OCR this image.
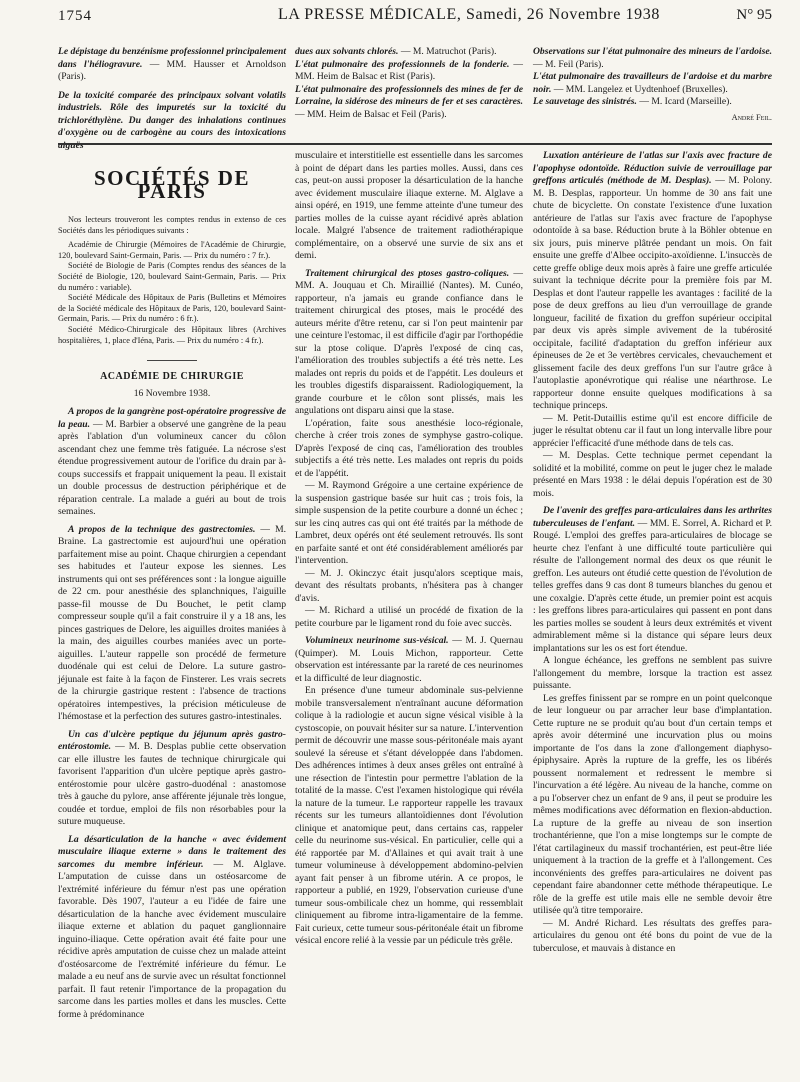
1754	LA PRESSE MÉDICALE, Samedi, 26 Novembre 1938	N° 95

Le dépistage du benzénisme professionnel principalement dans l'héliogravure. — MM. Hausser et Arnoldson (Paris).

De la toxicité comparée des principaux solvant volatils industriels. Rôle des impuretés sur la toxicité du trichloréthylène. Du danger des inhalations continues d'oxygène ou de carbogène au cours des intoxications aiguës

dues aux solvants chlorés. — M. Matruchot (Paris).

L'état pulmonaire des professionnels de la fonderie. — MM. Heim de Balsac et Rist (Paris).

L'état pulmonaire des professionnels des mines de fer de Lorraine, la sidérose des mineurs de fer et ses caractères. — MM. Heim de Balsac et Feil (Paris).

Observations sur l'état pulmonaire des mineurs de l'ardoise. — M. Feil (Paris).

L'état pulmonaire des travailleurs de l'ardoise et du marbre noir. — MM. Langelez et Uydtenhoef (Bruxelles).

Le sauvetage des sinistrés. — M. Icard (Marseille).

André Feil.

SOCIÉTÉS DE PARIS

Nos lecteurs trouveront les comptes rendus in extenso de ces Sociétés dans les périodiques suivants :

Académie de Chirurgie (Mémoires de l'Académie de Chirurgie, 120, boulevard Saint-Germain, Paris. — Prix du numéro : 7 fr.).

Société de Biologie de Paris (Comptes rendus des séances de la Société de Biologie, 120, boulevard Saint-Germain, Paris. — Prix du numéro : variable).

Société Médicale des Hôpitaux de Paris (Bulletins et Mémoires de la Société médicale des Hôpitaux de Paris, 120, boulevard Saint-Germain, Paris. — Prix du numéro : 6 fr.).

Société Médico-Chirurgicale des Hôpitaux libres (Archives hospitalières, 1, place d'Iéna, Paris. — Prix du numéro : 4 fr.).

ACADÉMIE DE CHIRURGIE
16 Novembre 1938.

A propos de la gangrène post-opératoire progressive de la peau. — M. Barbier a observé une gangrène de la peau après l'ablation d'un volumineux cancer du côlon ascendant chez une femme très fatiguée. La nécrose s'est étendue progressivement autour de l'orifice du drain par à-coups successifs et frappait uniquement la peau. Il existait un double processus de destruction périphérique et de réparation centrale. La malade a guéri au bout de trois semaines.

A propos de la technique des gastrectomies. — M. Braine. La gastrectomie est aujourd'hui une opération parfaitement mise au point. Chaque chirurgien a cependant ses habitudes et l'auteur expose les siennes. Les instruments qui ont ses préférences sont : la longue aiguille de 22 cm. pour anesthésie des splanchniques, l'aiguille passe-fil mousse de Du Bouchet, le petit clamp compresseur souple qu'il a fait construire il y a 18 ans, les pinces gastriques de Delore, les aiguilles droites maniées à la main, des aiguilles courbes maniées avec un porte-aiguilles. L'auteur rappelle son procédé de fermeture duodénale qui est celui de Delore. La suture gastro-jéjunale est faite à la façon de Finsterer. Les vrais secrets de la chirurgie gastrique restent : l'absence de tractions opératoires intempestives, la précision méticuleuse de l'hémostase et la perfection des sutures gastro-intestinales.

Un cas d'ulcère peptique du jéjunum après gastro-entérostomie. — M. B. Desplas publie cette observation car elle illustre les fautes de technique chirurgicale qui favorisent l'apparition d'un ulcère peptique après gastro-entérostomie pour ulcère gastro-duodénal : anastomose très à gauche du pylore, anse afférente jéjunale très longue, coudée et tordue, emploi de fils non résorbables pour la suture muqueuse.

La désarticulation de la hanche « avec évidement musculaire iliaque externe » dans le traitement des sarcomes du membre inférieur. — M. Alglave. L'amputation de cuisse dans un ostéosarcome de l'extrémité inférieure du fémur n'est pas une opération favorable. Dès 1907, l'auteur a eu l'idée de faire une désarticulation de la hanche avec évidement musculaire iliaque externe et ablation du paquet ganglionnaire inguino-iliaque. Cette opération avait été faite pour une récidive après amputation de cuisse chez un malade atteint d'ostéosarcome de l'extrémité inférieure du fémur. Le malade a eu neuf ans de survie avec un résultat fonctionnel parfait. Il faut retenir l'importance de la propagation du sarcome dans les parties molles et dans les muscles. Cette forme à prédominance

musculaire et interstitielle est essentielle dans les sarcomes à point de départ dans les parties molles. Aussi, dans ces cas, peut-on aussi proposer la désarticulation de la hanche avec évidement musculaire iliaque externe. M. Alglave a ainsi opéré, en 1919, une femme atteinte d'une tumeur des parties molles de la cuisse ayant récidivé après ablation locale. Malgré l'absence de traitement radiothérapique complémentaire, on a observé une survie de six ans et demi.

Traitement chirurgical des ptoses gastro-coliques. — MM. A. Jouquau et Ch. Miraillié (Nantes). M. Cunéo, rapporteur, n'a jamais eu grande confiance dans le traitement chirurgical des ptoses, mais le procédé des auteurs mérite d'être retenu, car si l'on peut maintenir par une ceinture l'estomac, il est difficile d'agir par l'orthopédie sur la ptose colique. D'après l'exposé de cinq cas, l'amélioration des troubles subjectifs a été très nette. Les malades ont repris du poids et de l'appétit. Les douleurs et les troubles digestifs disparaissent. Radiologiquement, la grande courbure et le côlon sont plissés, mais les angulations ont disparu ainsi que la stase.

L'opération, faite sous anesthésie loco-régionale, cherche à créer trois zones de symphyse gastro-colique. D'après l'exposé de cinq cas, l'amélioration des troubles subjectifs a été très nette. Les malades ont repris du poids et de l'appétit.

— M. Raymond Grégoire a une certaine expérience de la suspension gastrique basée sur huit cas ; trois fois, la simple suspension de la petite courbure a donné un échec ; sur les cinq autres cas qui ont été traités par la méthode de Lambret, deux opérés ont été seulement retrouvés. Ils sont en parfaite santé et ont été considérablement améliorés par l'intervention.

— M. J. Okinczyc était jusqu'alors sceptique mais, devant des résultats probants, n'hésitera pas à changer d'avis.

— M. Richard a utilisé un procédé de fixation de la petite courbure par le ligament rond du foie avec succès.

Volumineux neurinome sus-vésical. — M. J. Quernau (Quimper). M. Louis Michon, rapporteur. Cette observation est intéressante par la rareté de ces neurinomes et la difficulté de leur diagnostic.

En présence d'une tumeur abdominale sus-pelvienne mobile transversalement n'entraînant aucune déformation colique à la radiologie et aucun signe vésical visible à la cystoscopie, on pouvait hésiter sur sa nature. L'intervention permit de découvrir une masse sous-péritonéale mais ayant soulevé la séreuse et s'étant développée dans l'abdomen. Des adhérences intimes à deux anses grêles ont entraîné à une résection de l'intestin pour permettre l'ablation de la totalité de la masse. C'est l'examen histologique qui révéla la nature de la tumeur. Le rapporteur rappelle les travaux récents sur les tumeurs allantoïdiennes dont l'évolution clinique et anatomique peut, dans certains cas, rappeler celle du neurinome sus-vésical. En particulier, celle qui a été rapportée par M. d'Allaines et qui avait trait à une tumeur volumineuse à développement abdomino-pelvien ayant fait penser à un fibrome utérin. A ce propos, le rapporteur a publié, en 1929, l'observation curieuse d'une tumeur sous-ombilicale chez un homme, qui ressemblait cliniquement au fibrome intra-ligamentaire de la femme. Fait curieux, cette tumeur sous-péritonéale était un fibrome vésical encore relié à la vessie par un pédicule très grêle.

Luxation antérieure de l'atlas sur l'axis avec fracture de l'apophyse odontoïde. Réduction suivie de verrouillage par greffons articulés (méthode de M. Desplas). — M. Polony. M. B. Desplas, rapporteur. Un homme de 30 ans fait une chute de bicyclette. On constate l'existence d'une luxation antérieure de l'atlas sur l'axis avec fracture de l'apophyse odontoïde à sa base. Réduction brute à la Böhler obtenue en six jours, puis minerve plâtrée pendant un mois. On fait ensuite une greffe d'Albee occipito-axoïdienne. L'insuccès de cette greffe oblige deux mois après à faire une greffe articulée suivant la technique décrite pour la première fois par M. Desplas et dont l'auteur rappelle les avantages : facilité de la pose de deux greffons au lieu d'un verrouillage de grande longueur, facilité de fixation du greffon supérieur occipital par deux vis après simple avivement de la tubérosité occipitale, facilité d'adaptation du greffon inférieur aux épineuses de 2e et 3e vertèbres cervicales, chevauchement et glissement facile des deux greffons l'un sur l'autre grâce à l'autoplastie aponévrotique qui réalise une néarthrose. Le rapporteur donne ensuite quelques modifications à sa technique princeps.

— M. Petit-Dutaillis estime qu'il est encore difficile de juger le résultat obtenu car il faut un long intervalle libre pour apprécier l'efficacité d'une méthode dans de tels cas.

— M. Desplas. Cette technique permet cependant la solidité et la mobilité, comme on peut le juger chez le malade présenté en Mars 1938 : le délai depuis l'opération est de 30 mois.

De l'avenir des greffes para-articulaires dans les arthrites tuberculeuses de l'enfant. — MM. E. Sorrel, A. Richard et P. Rougé. L'emploi des greffes para-articulaires de blocage se heurte chez l'enfant à une difficulté toute particulière qui résulte de l'allongement normal des deux os que réunit le greffon. Les auteurs ont étudié cette question de l'évolution de telles greffes dans 9 cas dont 8 tumeurs blanches du genou et une coxalgie. D'après cette étude, un premier point est acquis : les greffons libres para-articulaires qui passent en pont dans les parties molles se soudent à leurs deux extrémités et vivent admirablement même si la distance qui sépare leurs deux implantations sur les os est fort étendue.

A longue échéance, les greffons ne semblent pas suivre l'allongement du membre, lorsque la traction est assez puissante.

Les greffes finissent par se rompre en un point quelconque de leur longueur ou par arracher leur base d'implantation. Cette rupture ne se produit qu'au bout d'un certain temps et après avoir déterminé une incurvation plus ou moins importante de l'os dans la zone d'allongement diaphyso-épiphysaire. Après la rupture de la greffe, les os libérés poussent normalement et redressent le membre si l'incurvation a été légère. Au niveau de la hanche, comme on a pu l'observer chez un enfant de 9 ans, il peut se produire les mêmes modifications avec déformation en flexion-abduction. La rupture de la greffe au niveau de son insertion trochantérienne, que l'on a mise longtemps sur le compte de l'état cartilagineux du massif trochantérien, est peut-être liée uniquement à la traction de la greffe et à l'allongement. Ces inconvénients des greffes para-articulaires ne doivent pas cependant faire abandonner cette méthode thérapeutique. Le rôle de la greffe est utile mais elle ne semble devoir être utilisée qu'à titre temporaire.

— M. André Richard. Les résultats des greffes para-articulaires du genou ont été bons du point de vue de la tuberculose, et mauvais à distance en
